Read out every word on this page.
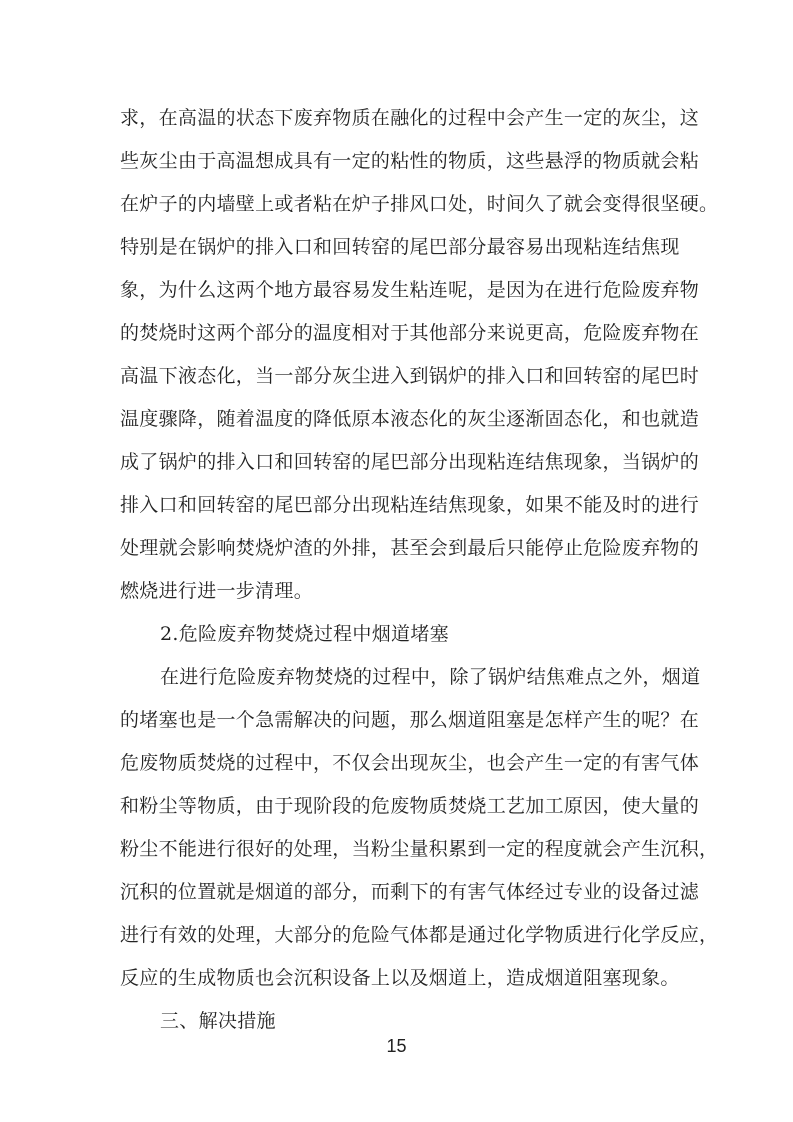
求，在高温的状态下废弃物质在融化的过程中会产生一定的灰尘，这
些灰尘由于高温想成具有一定的粘性的物质，这些悬浮的物质就会粘
在炉子的内墙壁上或者粘在炉子排风口处，时间久了就会变得很坚硬。
特别是在锅炉的排入口和回转窑的尾巴部分最容易出现粘连结焦现
象，为什么这两个地方最容易发生粘连呢，是因为在进行危险废弃物
的焚烧时这两个部分的温度相对于其他部分来说更高，危险废弃物在
高温下液态化，当一部分灰尘进入到锅炉的排入口和回转窑的尾巴时
温度骤降，随着温度的降低原本液态化的灰尘逐渐固态化，和也就造
成了锅炉的排入口和回转窑的尾巴部分出现粘连结焦现象，当锅炉的
排入口和回转窑的尾巴部分出现粘连结焦现象，如果不能及时的进行
处理就会影响焚烧炉渣的外排，甚至会到最后只能停止危险废弃物的
燃烧进行进一步清理。
2.危险废弃物焚烧过程中烟道堵塞
在进行危险废弃物焚烧的过程中，除了锅炉结焦难点之外，烟道
的堵塞也是一个急需解决的问题，那么烟道阻塞是怎样产生的呢？在
危废物质焚烧的过程中，不仅会出现灰尘，也会产生一定的有害气体
和粉尘等物质，由于现阶段的危废物质焚烧工艺加工原因，使大量的
粉尘不能进行很好的处理，当粉尘量积累到一定的程度就会产生沉积，
沉积的位置就是烟道的部分，而剩下的有害气体经过专业的设备过滤
进行有效的处理，大部分的危险气体都是通过化学物质进行化学反应，
反应的生成物质也会沉积设备上以及烟道上，造成烟道阻塞现象。
三、解决措施
15
